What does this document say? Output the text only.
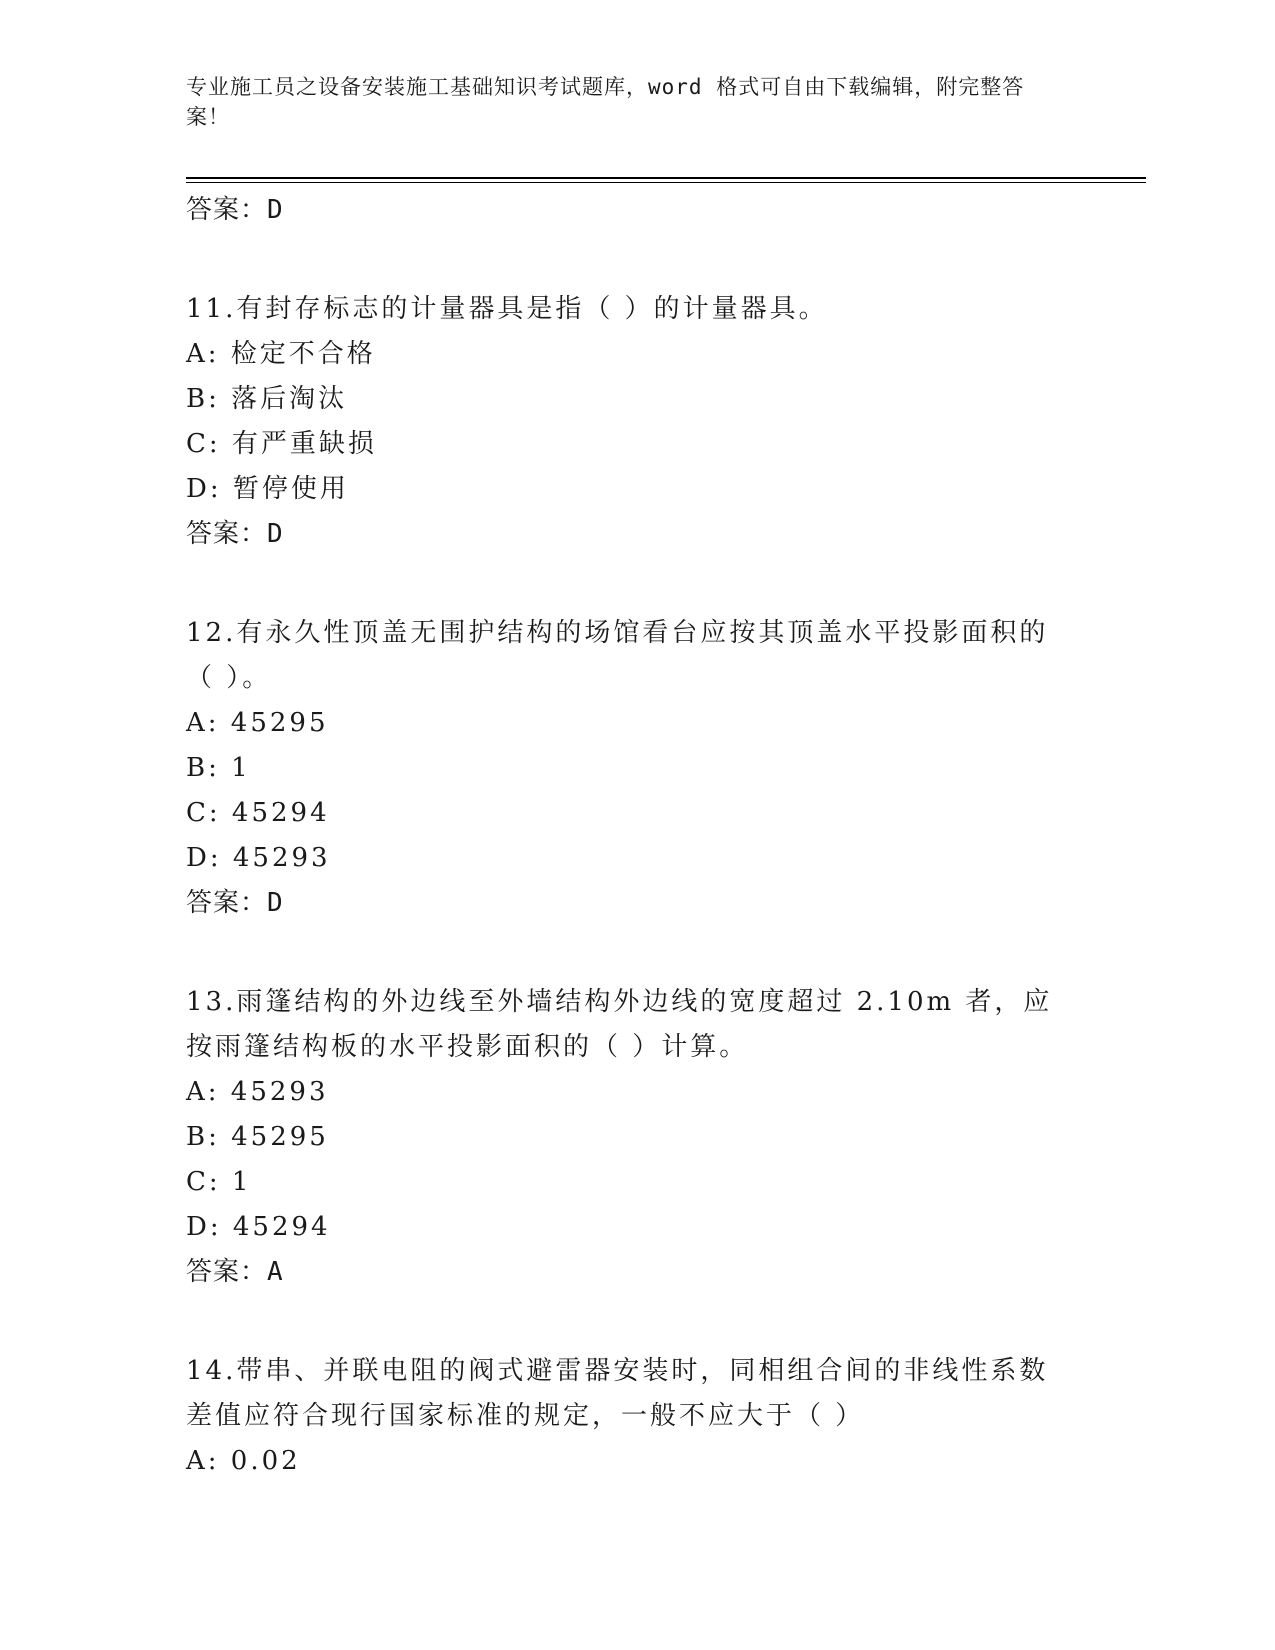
专业施工员之设备安装施工基础知识考试题库，word 格式可自由下载编辑，附完整答案！
答案：D
11.有封存标志的计量器具是指（ ）的计量器具。
A: 检定不合格
B: 落后淘汰
C: 有严重缺损
D: 暂停使用
答案：D
12.有永久性顶盖无围护结构的场馆看台应按其顶盖水平投影面积的（ ）。
A: 45295
B: 1
C: 45294
D: 45293
答案：D
13.雨篷结构的外边线至外墙结构外边线的宽度超过 2.10m 者，应按雨篷结构板的水平投影面积的（ ）计算。
A: 45293
B: 45295
C: 1
D: 45294
答案：A
14.带串、并联电阻的阀式避雷器安装时，同相组合间的非线性系数差值应符合现行国家标准的规定，一般不应大于（ ）
A: 0.02
